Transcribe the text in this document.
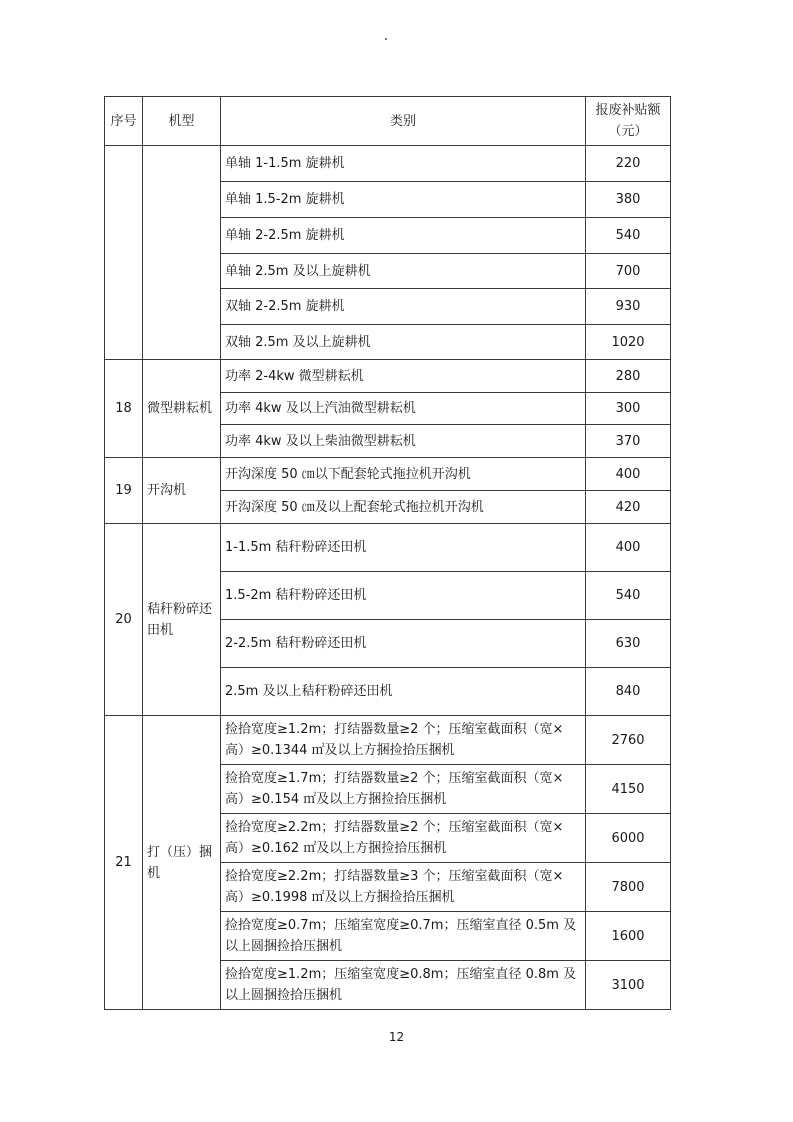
序号	机型	类别	报废补贴额（元）
		单轴 1-1.5m 旋耕机	220
		单轴 1.5-2m 旋耕机	380
		单轴 2-2.5m 旋耕机	540
		单轴 2.5m 及以上旋耕机	700
		双轴 2-2.5m 旋耕机	930
		双轴 2.5m 及以上旋耕机	1020
18	微型耕耘机	功率 2-4kw 微型耕耘机	280
		功率 4kw 及以上汽油微型耕耘机	300
		功率 4kw 及以上柴油微型耕耘机	370
19	开沟机	开沟深度 50 ㎝以下配套轮式拖拉机开沟机	400
		开沟深度 50 ㎝及以上配套轮式拖拉机开沟机	420
20	秸秆粉碎还田机	1-1.5m 秸秆粉碎还田机	400
		1.5-2m 秸秆粉碎还田机	540
		2-2.5m 秸秆粉碎还田机	630
		2.5m 及以上秸秆粉碎还田机	840
21	打（压）捆机	捡拾宽度≥1.2m；打结器数量≥2 个；压缩室截面积（宽×高）≥0.1344 ㎡及以上方捆捡拾压捆机	2760
		捡拾宽度≥1.7m；打结器数量≥2 个；压缩室截面积（宽×高）≥0.154 ㎡及以上方捆捡拾压捆机	4150
		捡拾宽度≥2.2m；打结器数量≥2 个；压缩室截面积（宽×高）≥0.162 ㎡及以上方捆捡拾压捆机	6000
		捡拾宽度≥2.2m；打结器数量≥3 个；压缩室截面积（宽×高）≥0.1998 ㎡及以上方捆捡拾压捆机	7800
		捡拾宽度≥0.7m；压缩室宽度≥0.7m；压缩室直径 0.5m 及以上圆捆捡拾压捆机	1600
		捡拾宽度≥1.2m；压缩室宽度≥0.8m；压缩室直径 0.8m 及以上圆捆捡拾压捆机	3100
12
